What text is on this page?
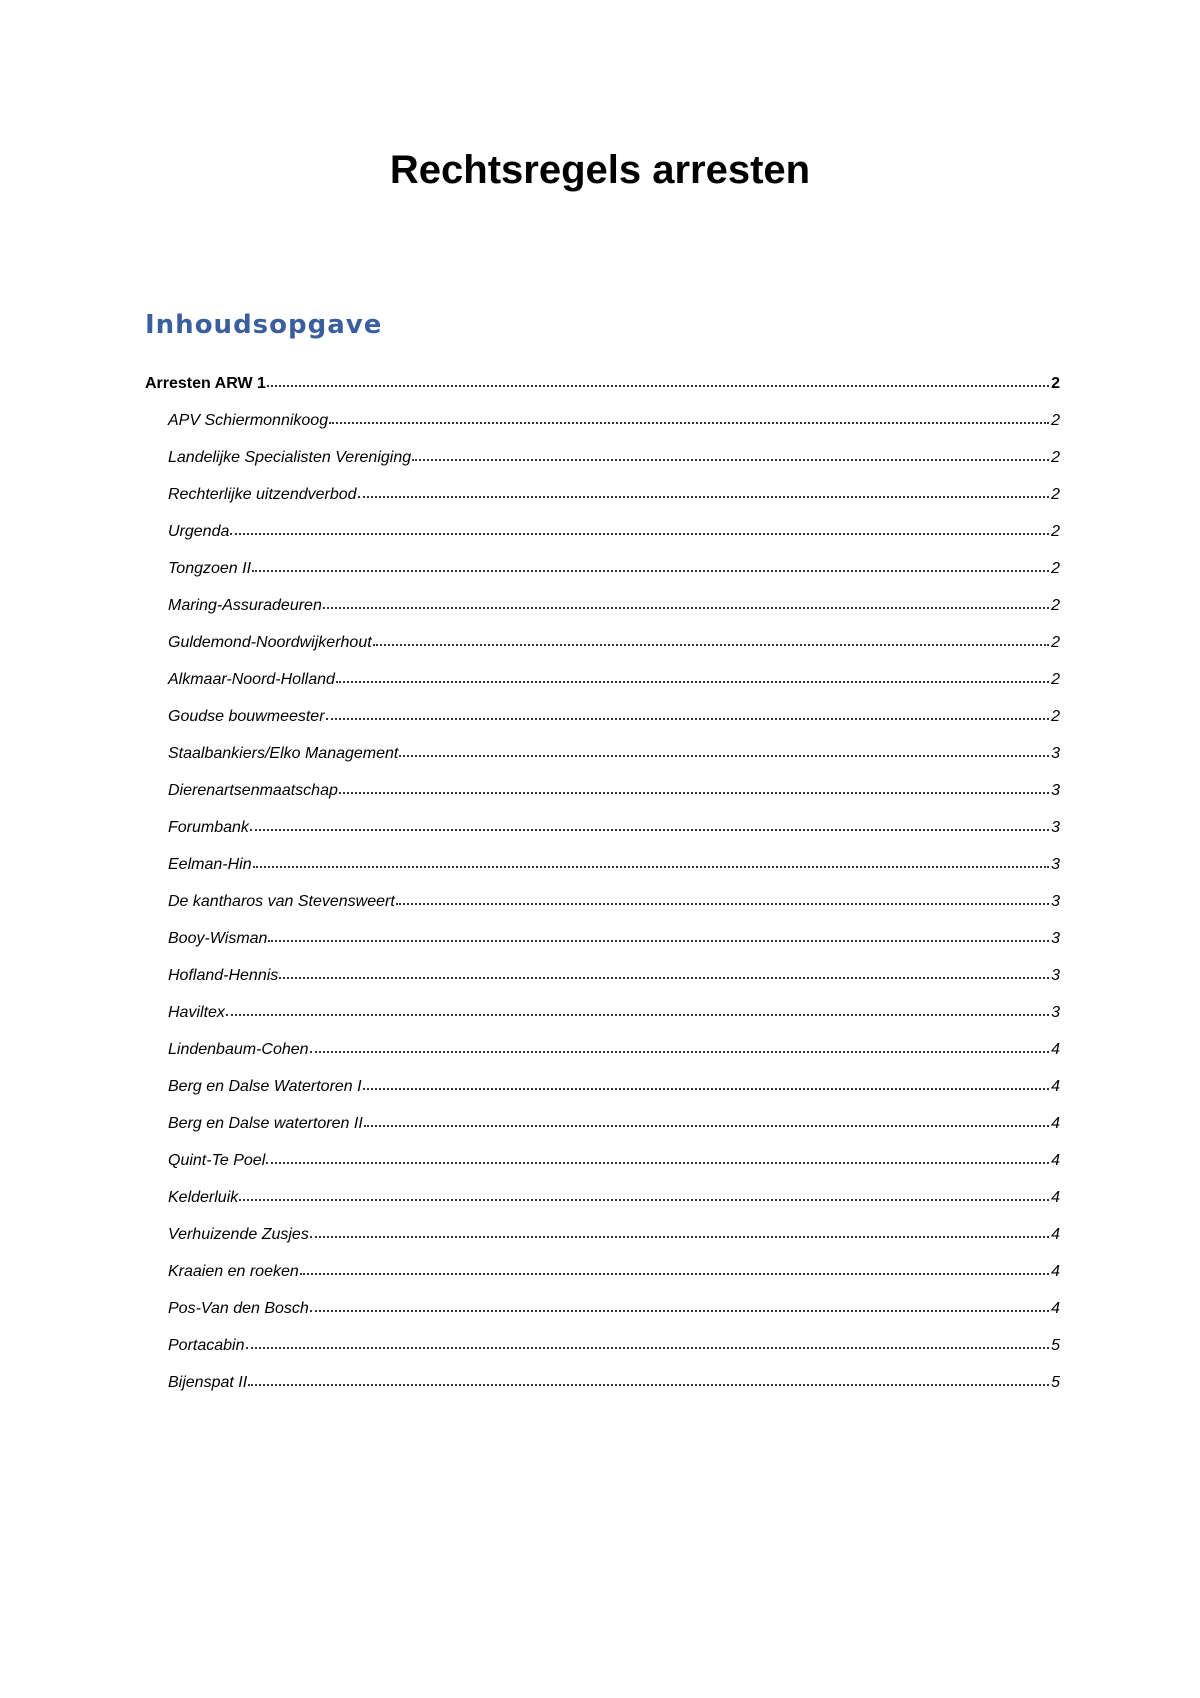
Rechtsregels arresten
Inhoudsopgave
Arresten ARW 1	2
APV Schiermonnikoog	2
Landelijke Specialisten Vereniging	2
Rechterlijke uitzendverbod	2
Urgenda	2
Tongzoen II	2
Maring-Assuradeuren	2
Guldemond-Noordwijkerhout	2
Alkmaar-Noord-Holland	2
Goudse bouwmeester	2
Staalbankiers/Elko Management	3
Dierenartsenmaatschap	3
Forumbank	3
Eelman-Hin	3
De kantharos van Stevensweert	3
Booy-Wisman	3
Hofland-Hennis	3
Haviltex	3
Lindenbaum-Cohen	4
Berg en Dalse Watertoren I	4
Berg en Dalse watertoren II	4
Quint-Te Poel	4
Kelderluik	4
Verhuizende Zusjes	4
Kraaien en roeken	4
Pos-Van den Bosch	4
Portacabin	5
Bijenspat II	5
